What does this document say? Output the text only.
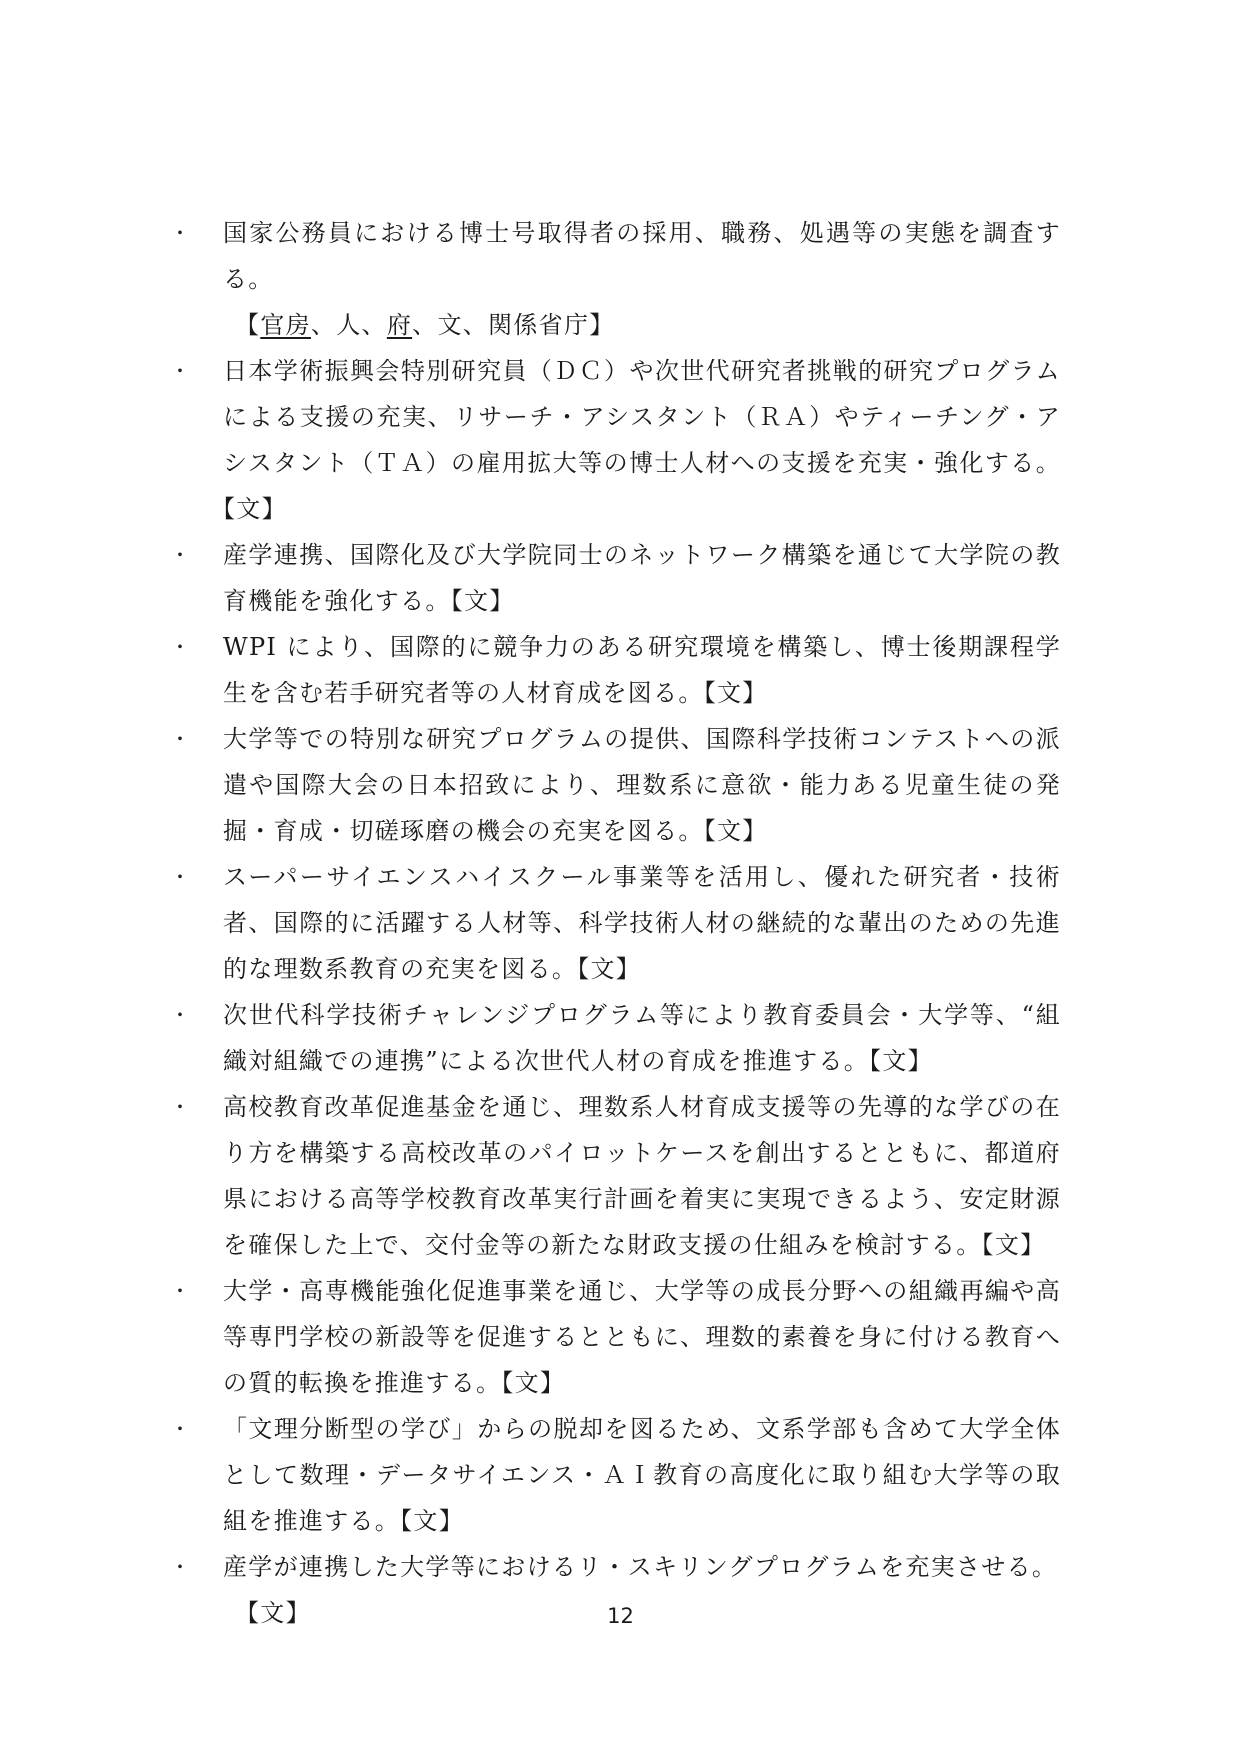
・ 国家公務員における博士号取得者の採用、職務、処遇等の実態を調査する。
【官房、人、府、文、関係省庁】
・ 日本学術振興会特別研究員（ＤＣ）や次世代研究者挑戦的研究プログラムによる支援の充実、リサーチ・アシスタント（ＲＡ）やティーチング・アシスタント（ＴＡ）の雇用拡大等の博士人材への支援を充実・強化する。【文】
・ 産学連携、国際化及び大学院同士のネットワーク構築を通じて大学院の教育機能を強化する。【文】
・ WPI により、国際的に競争力のある研究環境を構築し、博士後期課程学生を含む若手研究者等の人材育成を図る。【文】
・ 大学等での特別な研究プログラムの提供、国際科学技術コンテストへの派遣や国際大会の日本招致により、理数系に意欲・能力ある児童生徒の発掘・育成・切磋琢磨の機会の充実を図る。【文】
・ スーパーサイエンスハイスクール事業等を活用し、優れた研究者・技術者、国際的に活躍する人材等、科学技術人材の継続的な輩出のための先進的な理数系教育の充実を図る。【文】
・ 次世代科学技術チャレンジプログラム等により教育委員会・大学等、“組織対組織での連携”による次世代人材の育成を推進する。【文】
・ 高校教育改革促進基金を通じ、理数系人材育成支援等の先導的な学びの在り方を構築する高校改革のパイロットケースを創出するとともに、都道府県における高等学校教育改革実行計画を着実に実現できるよう、安定財源を確保した上で、交付金等の新たな財政支援の仕組みを検討する。【文】
・ 大学・高専機能強化促進事業を通じ、大学等の成長分野への組織再編や高等専門学校の新設等を促進するとともに、理数的素養を身に付ける教育への質的転換を推進する。【文】
・ 「文理分断型の学び」からの脱却を図るため、文系学部も含めて大学全体として数理・データサイエンス・ＡＩ教育の高度化に取り組む大学等の取組を推進する。【文】
・ 産学が連携した大学等におけるリ・スキリングプログラムを充実させる。
【文】	12
